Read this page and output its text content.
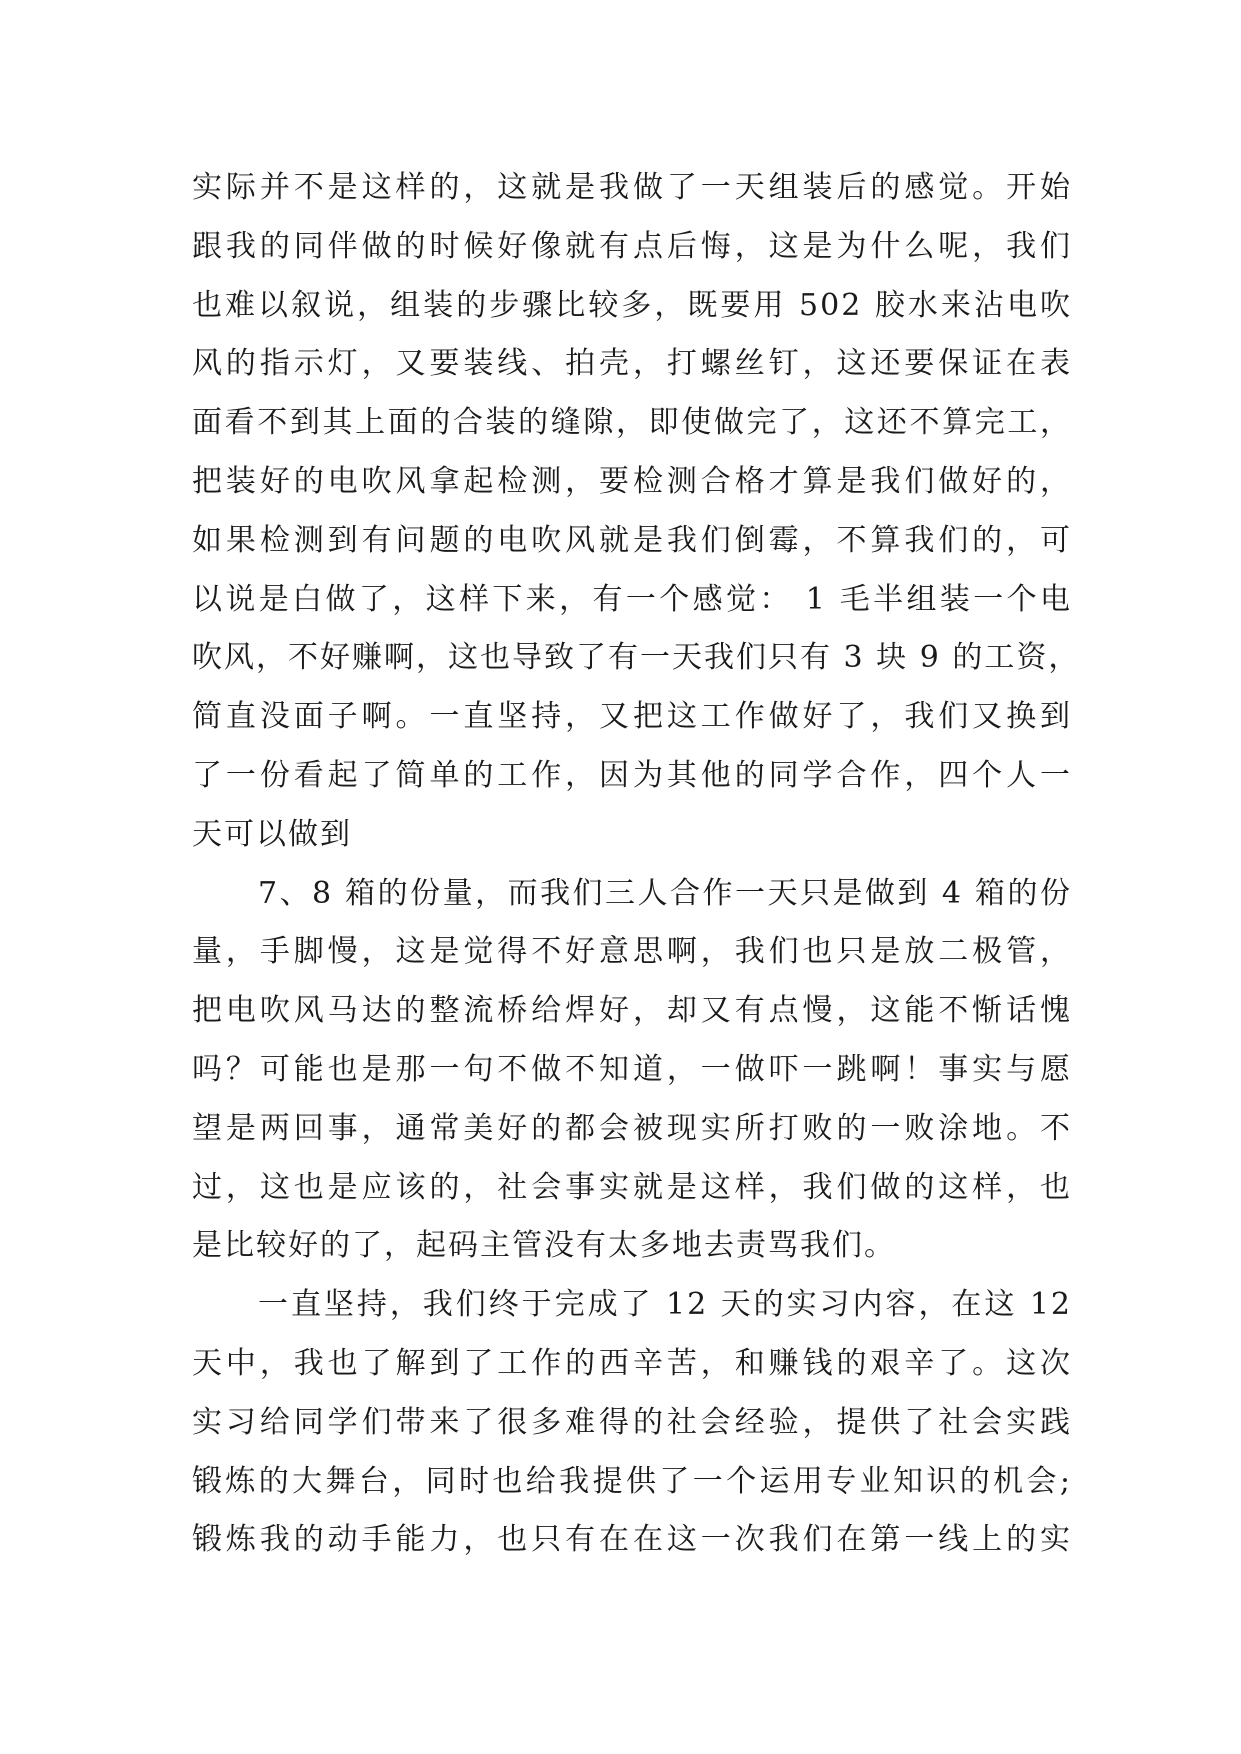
实际并不是这样的，这就是我做了一天组装后的感觉。开始
跟我的同伴做的时候好像就有点后悔，这是为什么呢，我们
也难以叙说，组装的步骤比较多，既要用 502 胶水来沾电吹
风的指示灯，又要装线、拍壳，打螺丝钉，这还要保证在表
面看不到其上面的合装的缝隙，即使做完了，这还不算完工，
把装好的电吹风拿起检测，要检测合格才算是我们做好的，
如果检测到有问题的电吹风就是我们倒霉，不算我们的，可
以说是白做了，这样下来，有一个感觉： 1 毛半组装一个电
吹风，不好赚啊，这也导致了有一天我们只有 3 块 9 的工资，
简直没面子啊。一直坚持，又把这工作做好了，我们又换到
了一份看起了简单的工作，因为其他的同学合作，四个人一
天可以做到
7、8 箱的份量，而我们三人合作一天只是做到 4 箱的份
量，手脚慢，这是觉得不好意思啊，我们也只是放二极管，
把电吹风马达的整流桥给焊好，却又有点慢，这能不惭话愧
吗？可能也是那一句不做不知道，一做吓一跳啊！事实与愿
望是两回事，通常美好的都会被现实所打败的一败涂地。不
过，这也是应该的，社会事实就是这样，我们做的这样，也
是比较好的了，起码主管没有太多地去责骂我们。
一直坚持，我们终于完成了 12 天的实习内容，在这 12
天中，我也了解到了工作的西辛苦，和赚钱的艰辛了。这次
实习给同学们带来了很多难得的社会经验，提供了社会实践
锻炼的大舞台，同时也给我提供了一个运用专业知识的机会;
锻炼我的动手能力，也只有在在这一次我们在第一线上的实
